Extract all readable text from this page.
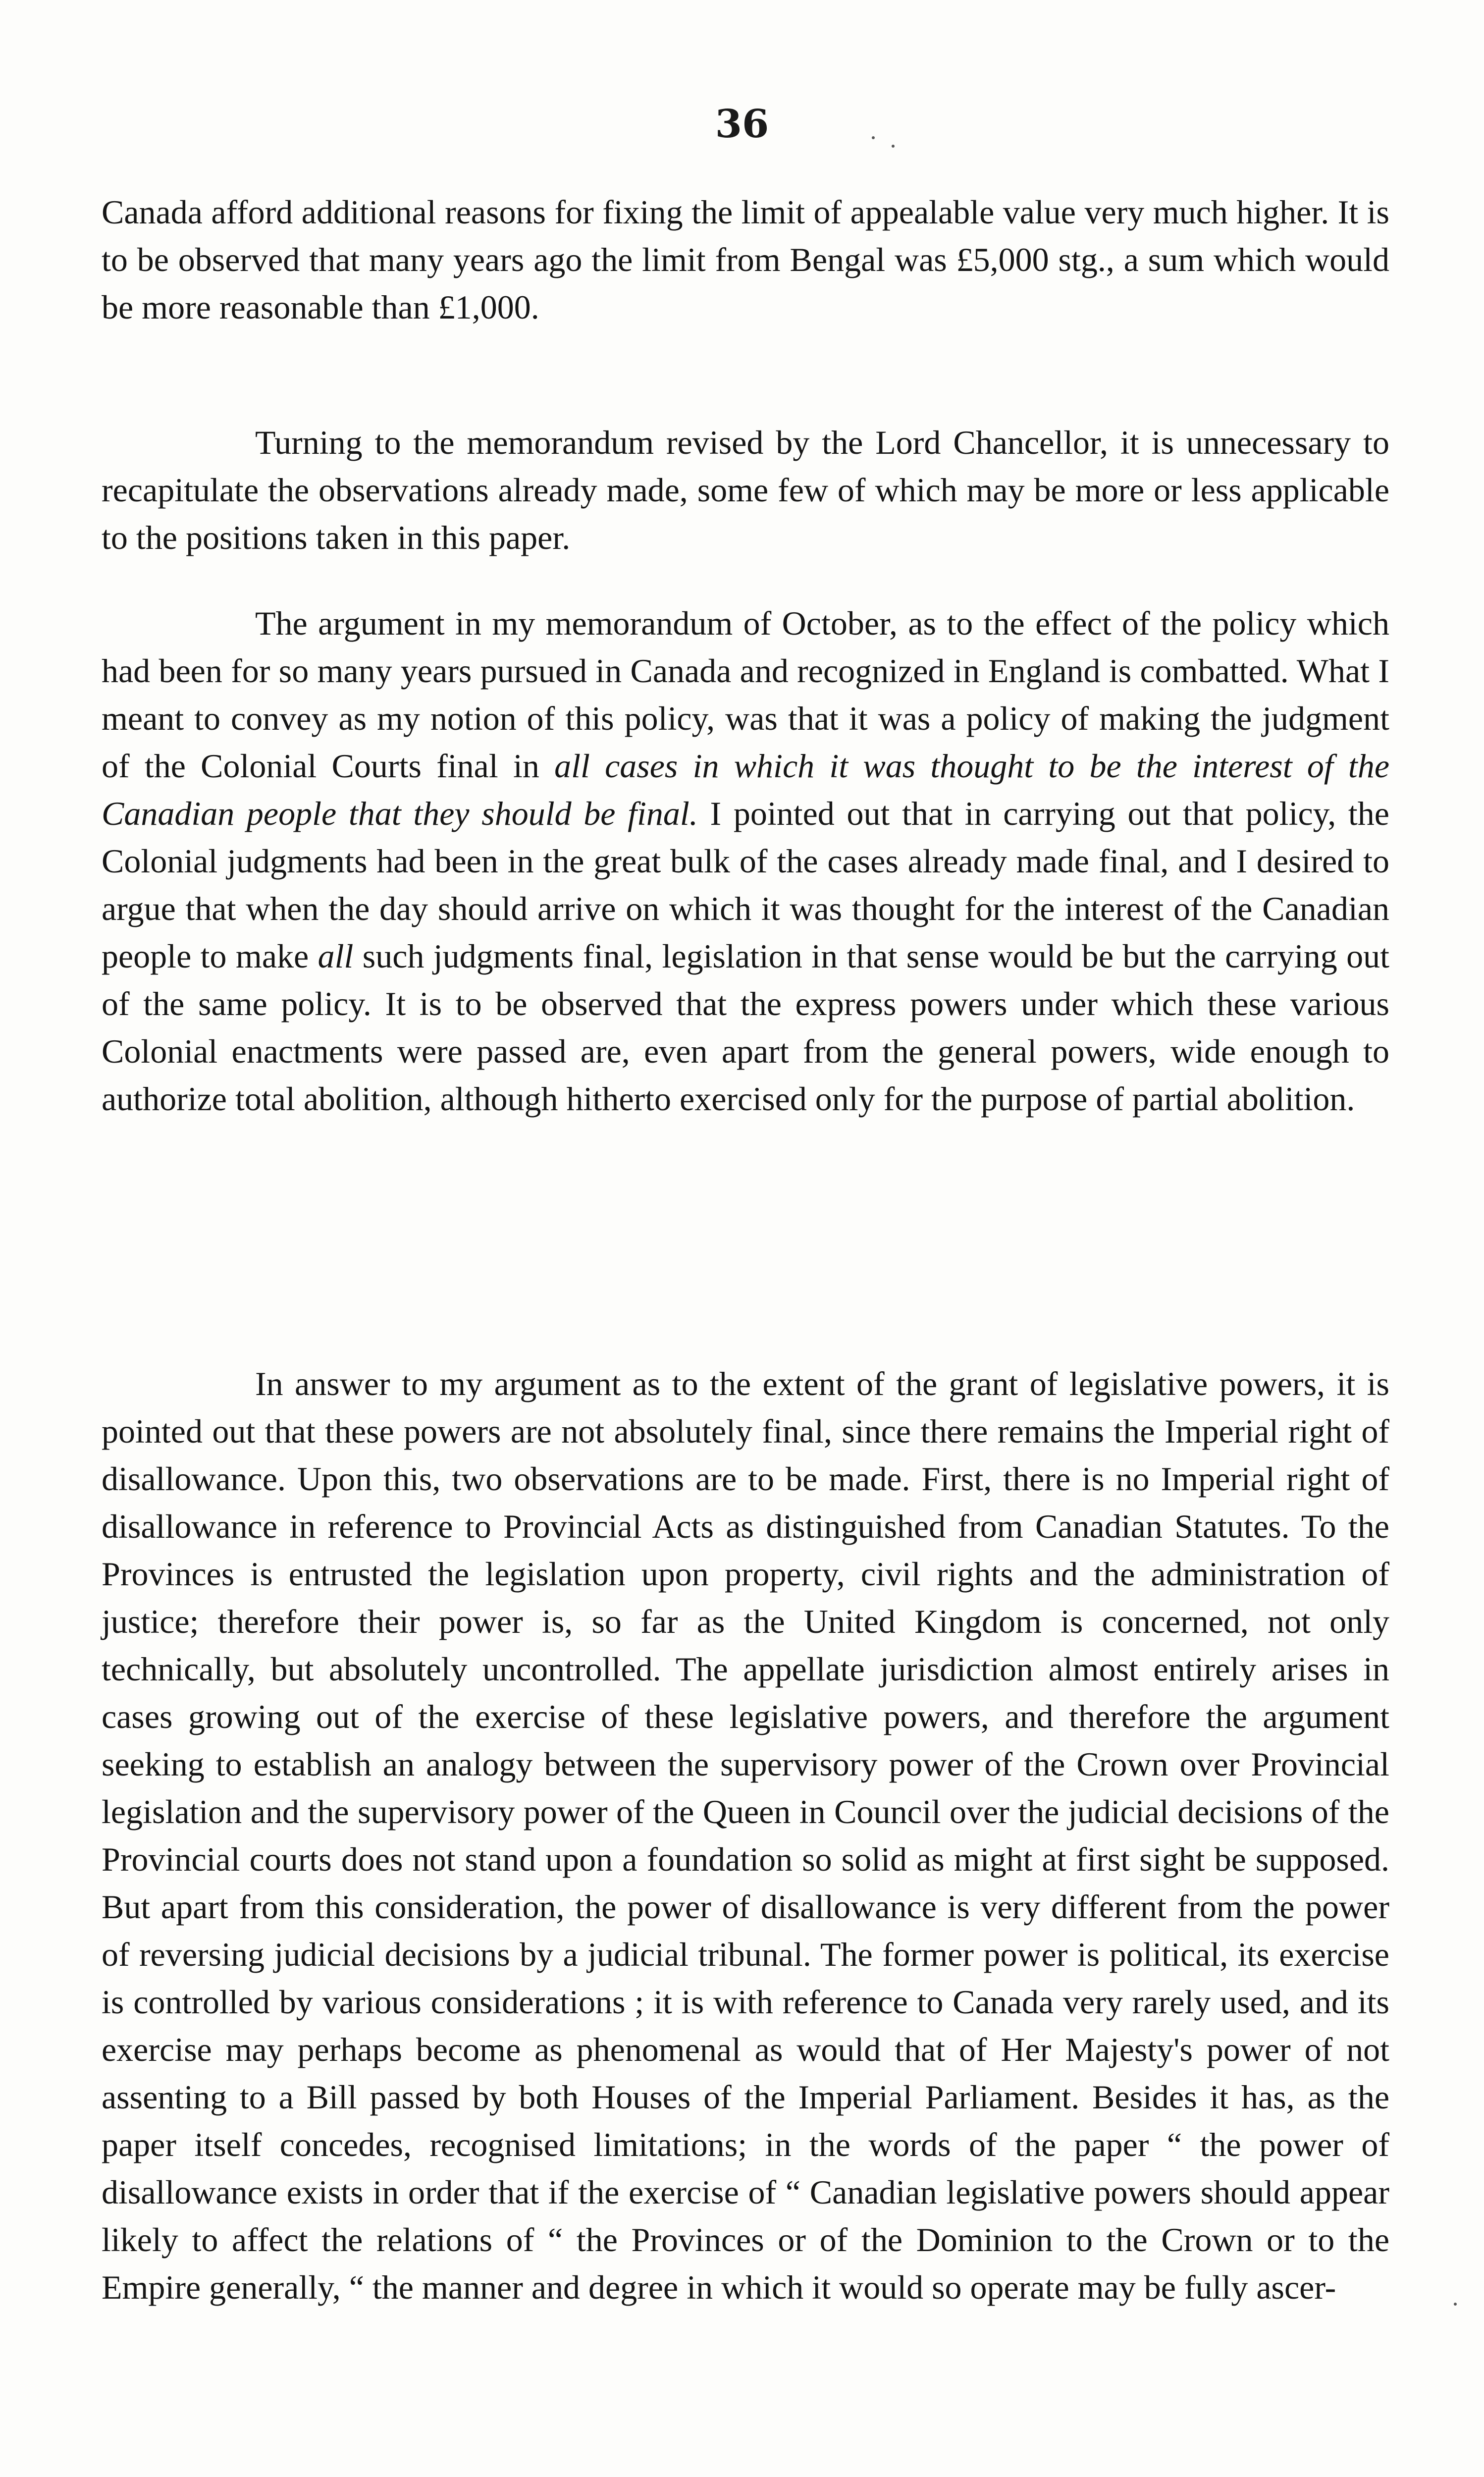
36

Canada afford additional reasons for fixing the limit of appealable value very much higher. It is to be observed that many years ago the limit from Bengal was £5,000 stg., a sum which would be more reasonable than £1,000.

Turning to the memorandum revised by the Lord Chancellor, it is unnecessary to recapitulate the observations already made, some few of which may be more or less applicable to the positions taken in this paper.

The argument in my memorandum of October, as to the effect of the policy which had been for so many years pursued in Canada and recognized in England is combatted. What I meant to convey as my notion of this policy, was that it was a policy of making the judgment of the Colonial Courts final in all cases in which it was thought to be the interest of the Canadian people that they should be final. I pointed out that in carrying out that policy, the Colonial judgments had been in the great bulk of the cases already made final, and I desired to argue that when the day should arrive on which it was thought for the interest of the Canadian people to make all such judgments final, legislation in that sense would be but the carrying out of the same policy. It is to be observed that the express powers under which these various Colonial enactments were passed are, even apart from the general powers, wide enough to authorize total abolition, although hitherto exercised only for the purpose of partial abolition.

In answer to my argument as to the extent of the grant of legislative powers, it is pointed out that these powers are not absolutely final, since there remains the Imperial right of disallowance. Upon this, two observations are to be made. First, there is no Imperial right of disallowance in reference to Provincial Acts as distinguished from Canadian Statutes. To the Provinces is entrusted the legislation upon property, civil rights and the administration of justice; therefore their power is, so far as the United Kingdom is concerned, not only technically, but absolutely uncontrolled. The appellate jurisdiction almost entirely arises in cases growing out of the exercise of these legislative powers, and therefore the argument seeking to establish an analogy between the supervisory power of the Crown over Provincial legislation and the supervisory power of the Queen in Council over the judicial decisions of the Provincial courts does not stand upon a foundation so solid as might at first sight be supposed. But apart from this consideration, the power of disallowance is very different from the power of reversing judicial decisions by a judicial tribunal. The former power is political, its exercise is controlled by various considerations ; it is with reference to Canada very rarely used, and its exercise may perhaps become as phenomenal as would that of Her Majesty's power of not assenting to a Bill passed by both Houses of the Imperial Parliament. Besides it has, as the paper itself concedes, recognised limitations; in the words of the paper “ the power of disallowance exists in order that if the exercise of “ Canadian legislative powers should appear likely to affect the relations of “ the Provinces or of the Dominion to the Crown or to the Empire generally, “ the manner and degree in which it would so operate may be fully ascer-
